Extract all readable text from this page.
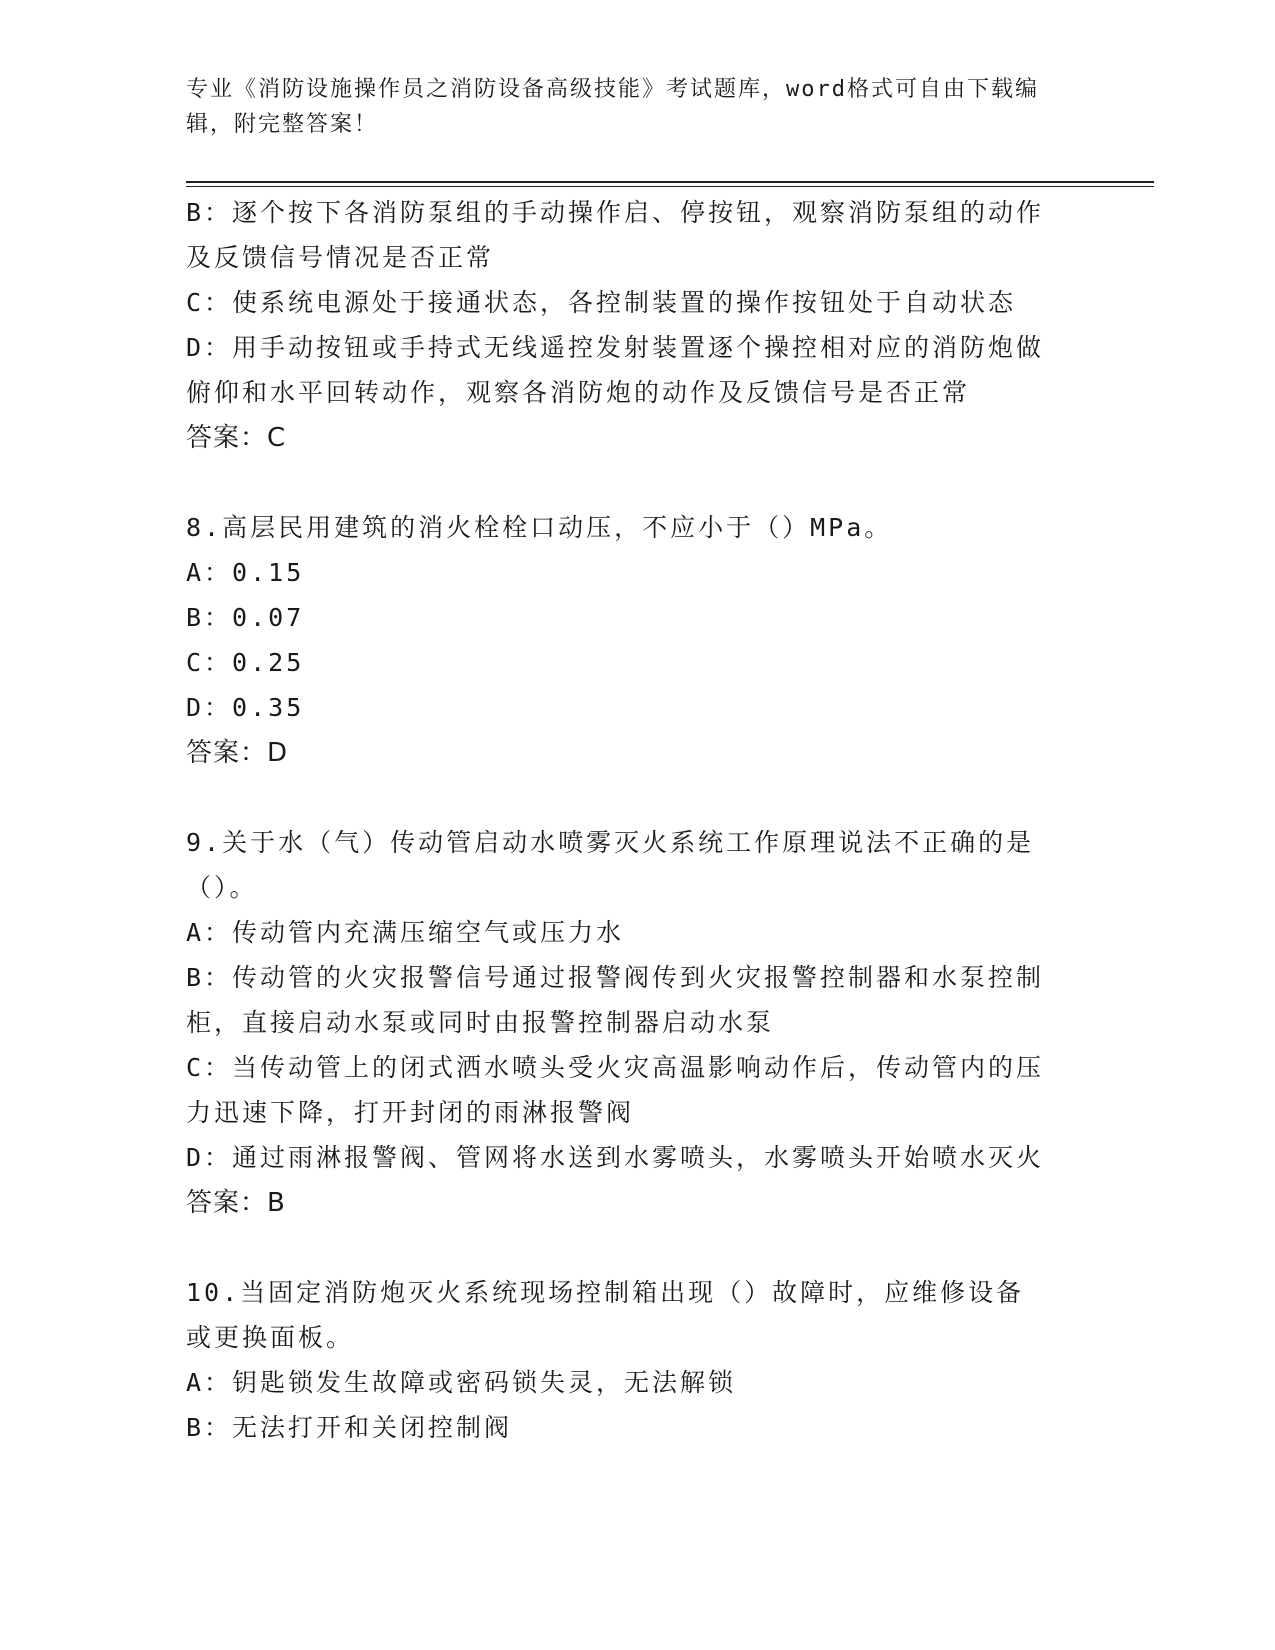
专业《消防设施操作员之消防设备高级技能》考试题库，word格式可自由下载编辑，附完整答案！

B：逐个按下各消防泵组的手动操作启、停按钮，观察消防泵组的动作及反馈信号情况是否正常

C：使系统电源处于接通状态，各控制装置的操作按钮处于自动状态

D：用手动按钮或手持式无线遥控发射装置逐个操控相对应的消防炮做俯仰和水平回转动作，观察各消防炮的动作及反馈信号是否正常

答案：C

8.高层民用建筑的消火栓栓口动压，不应小于（）MPa。

A：0.15

B：0.07

C：0.25

D：0.35

答案：D

9.关于水（气）传动管启动水喷雾灭火系统工作原理说法不正确的是（）。

A：传动管内充满压缩空气或压力水

B：传动管的火灾报警信号通过报警阀传到火灾报警控制器和水泵控制柜，直接启动水泵或同时由报警控制器启动水泵

C：当传动管上的闭式洒水喷头受火灾高温影响动作后，传动管内的压力迅速下降，打开封闭的雨淋报警阀

D：通过雨淋报警阀、管网将水送到水雾喷头，水雾喷头开始喷水灭火

答案：B

10.当固定消防炮灭火系统现场控制箱出现（）故障时，应维修设备或更换面板。

A：钥匙锁发生故障或密码锁失灵，无法解锁

B：无法打开和关闭控制阀
